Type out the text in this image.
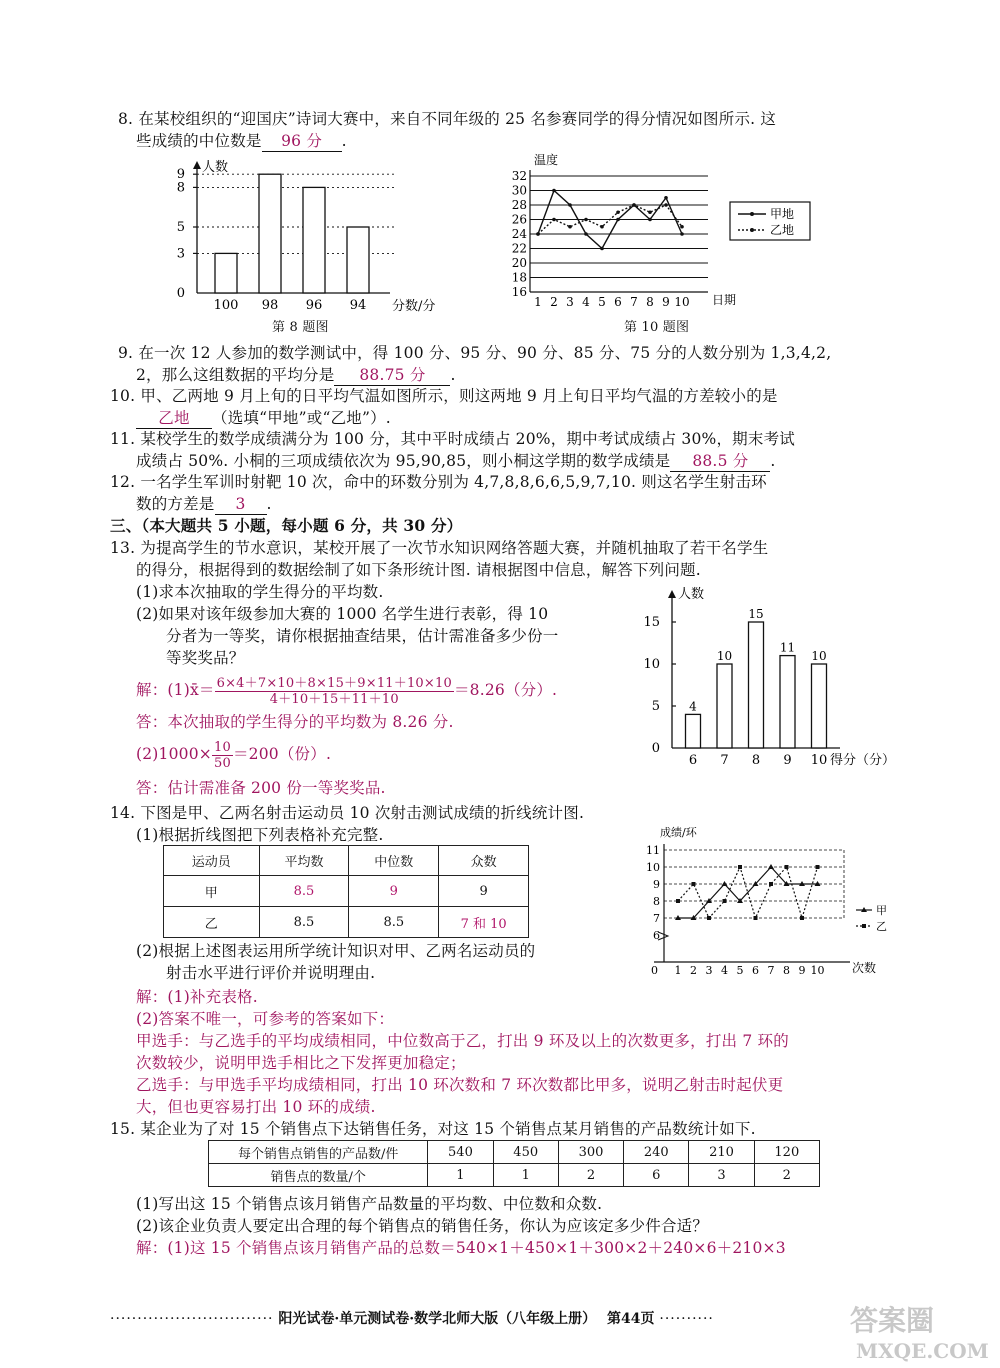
8. 在某校组织的“迎国庆”诗词大赛中，来自不同年级的 25 名参赛同学的得分情况如图所示. 这
些成绩的中位数是 96 分 .
人数
分数/分
0
3
5
8
9
100 98 96 94
第 8 题图
温度
16
18
20
22
24
26
28
30
32
1 2 3 4 5 6 7 8 9 10 日期
甲地
乙地
第 10 题图
9. 在一次 12 人参加的数学测试中，得 100 分、95 分、90 分、85 分、75 分的人数分别为 1,3,4,2,
2，那么这组数据的平均分是 88.75 分 .
10. 甲、乙两地 9 月上旬的日平均气温如图所示，则这两地 9 月上旬日平均气温的方差较小的是
乙地 （选填“甲地”或“乙地”）.
11. 某校学生的数学成绩满分为 100 分，其中平时成绩占 20%，期中考试成绩占 30%，期末考试
成绩占 50%. 小桐的三项成绩依次为 95,90,85，则小桐这学期的数学成绩是 88.5 分 .
12. 一名学生军训时射靶 10 次，命中的环数分别为 4,7,8,8,6,6,5,9,7,10. 则这名学生射击环
数的方差是 3 .
三、（本大题共 5 小题，每小题 6 分，共 30 分）
13. 为提高学生的节水意识，某校开展了一次节水知识网络答题大赛，并随机抽取了若干名学生
的得分，根据得到的数据绘制了如下条形统计图. 请根据图中信息，解答下列问题.
(1)求本次抽取的学生得分的平均数.
(2)如果对该年级参加大赛的 1000 名学生进行表彰，得 10
分者为一等奖，请你根据抽查结果，估计需准备多少份一
等奖奖品？
解：(1)x̄＝ $\frac{6\times 4+7\times 10+8\times 15+9\times 11+10\times 10}{4+10+15+11+10} =8.26$（分）.
答：本次抽取的学生得分的平均数为 8.26 分.
$(2)1000\times \frac{10}{50} =200$（份）.
答：估计需准备 200 份一等奖奖品.
人数
得分（分）
0
5
10
15
4
6
10
7
15
8
11
9
10
10
14. 下图是甲、乙两名射击运动员 10 次射击测试成绩的折线统计图.
(1)根据折线图把下列表格补充完整.
运动员	平均数	中位数	众数
甲	8.5	9	9
乙	8.5	8.5	7 和 10
(2)根据上述图表运用所学统计知识对甲、乙两名运动员的
射击水平进行评价并说明理由.
解：(1)补充表格.
(2)答案不唯一，可参考的答案如下：
甲选手：与乙选手的平均成绩相同，中位数高于乙，打出 9 环及以上的次数更多，打出 7 环的
次数较少，说明甲选手相比之下发挥更加稳定；
乙选手：与甲选手平均成绩相同，打出 10 环次数和 7 环次数都比甲多，说明乙射击时起伏更
大，但也更容易打出 10 环的成绩.
成绩/环
0
6
7
8
9
10
11
1 2 3 4 5 6 7 8 9 10 次数
甲
乙
15. 某企业为了对 15 个销售点下达销售任务，对这 15 个销售点某月销售的产品数统计如下.
每个销售点销售的产品数/件	540	450	300	240	210	120
销售点的数量/个	1	1	2	6	3	2
(1)写出这 15 个销售点该月销售产品数量的平均数、中位数和众数.
(2)该企业负责人要定出合理的每个销售点的销售任务，你认为应该定多少件合适？
解：(1)这 15 个销售点该月销售产品的总数＝540×1＋450×1＋300×2＋240×6＋210×3
······························ 阳光试卷·单元测试卷·数学北师大版（八年级上册） 第44页 ··········	答案圈
MXQE.COM
